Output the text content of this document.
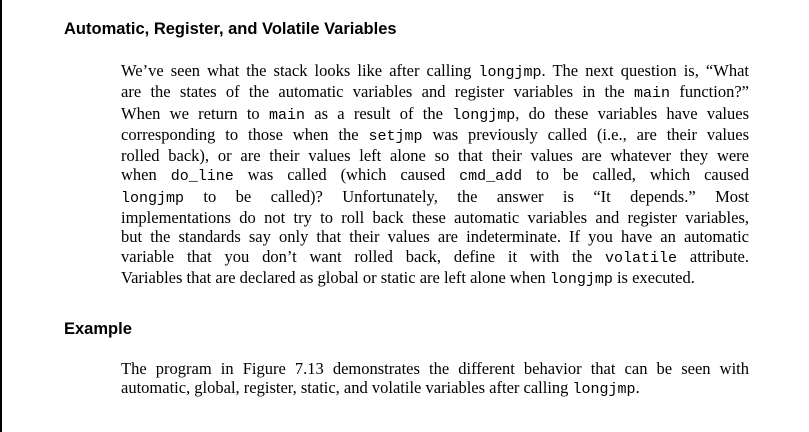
Automatic, Register, and Volatile Variables

We’ve seen what the stack looks like after calling longjmp. The next question is, “What
are the states of the automatic variables and register variables in the main function?”
When we return to main as a result of the longjmp, do these variables have values
corresponding to those when the setjmp was previously called (i.e., are their values
rolled back), or are their values left alone so that their values are whatever they were
when do_line was called (which caused cmd_add to be called, which caused
longjmp to be called)? Unfortunately, the answer is “It depends.” Most
implementations do not try to roll back these automatic variables and register variables,
but the standards say only that their values are indeterminate. If you have an automatic
variable that you don’t want rolled back, define it with the volatile attribute.
Variables that are declared as global or static are left alone when longjmp is executed.

Example

The program in Figure 7.13 demonstrates the different behavior that can be seen with
automatic, global, register, static, and volatile variables after calling longjmp.
